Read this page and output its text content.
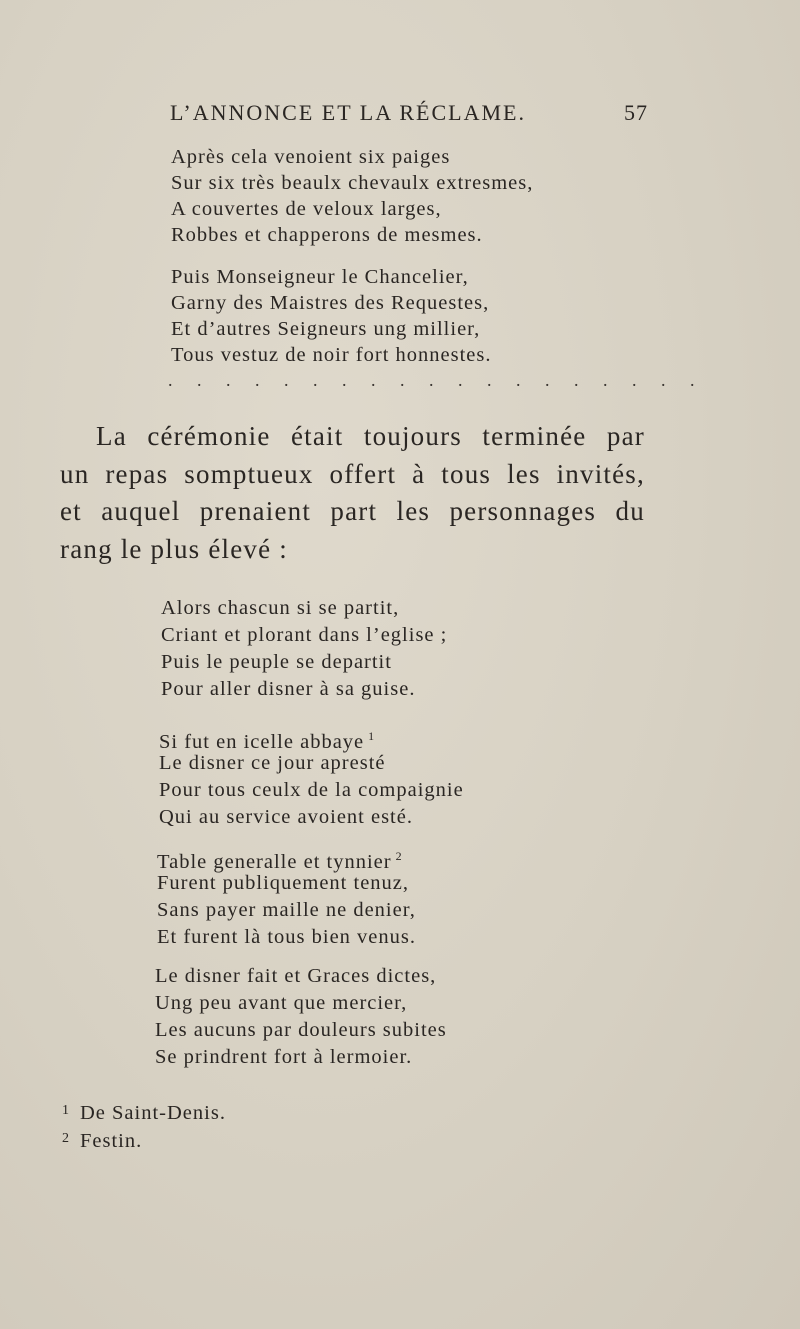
L’ANNONCE ET LA RÉCLAME.	57
Après cela venoient six paiges
Sur six très beaulx chevaulx extresmes,
A couvertes de veloux larges,
Robbes et chapperons de mesmes.
Puis Monseigneur le Chancelier,
Garny des Maistres des Requestes,
Et d’autres Seigneurs ung millier,
Tous vestuz de noir fort honnestes.
. . . . . . . . . . . . . . . . . . .
La cérémonie était toujours terminée par
un repas somptueux offert à tous les invités,
et auquel prenaient part les personnages du
rang le plus élevé :
Alors chascun si se partit,
Criant et plorant dans l’eglise ;
Puis le peuple se departit
Pour aller disner à sa guise.
Si fut en icelle abbaye $^1$
Le disner ce jour apresté
Pour tous ceulx de la compaignie
Qui au service avoient esté.
Table generalle et tynnier $^2$
Furent publiquement tenuz,
Sans payer maille ne denier,
Et furent là tous bien venus.
Le disner fait et Graces dictes,
Ung peu avant que mercier,
Les aucuns par douleurs subites
Se prindrent fort à lermoier.
$^1$ De Saint-Denis.
$^2$ Festin.
